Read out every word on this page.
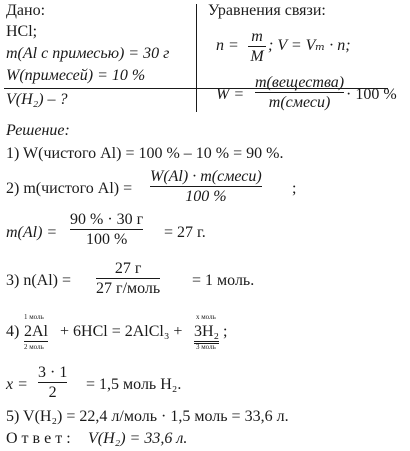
Дано:
HCl;
m(Al с примесью) = 30 г
W(примесей) = 10 %
V(H₂) – ?
Уравнения связи:
n =
m
M
; V = Vₘ · n;
W =
m(вещества)
m(смеси) · 100 %
Решение:
1) W(чистого Al) = 100 % – 10 % = 90 %.
2) m(чистого Al) =
W(Al) · m(смеси)
100 %	;
m(Al) =
90 % · 30 г
100 % = 27 г.
3) n(Al) =
27 г
27 г/моль = 1 моль.
1 моль	x моль
4) 2Al + 6HCl = 2AlCl₃ + 3H₂ ;
2 моль	3 моль
x =
3 · 1
2 = 1,5 моль H₂.
5) V(H₂) = 22,4 л/моль · 1,5 моль = 33,6 л.
О т в е т : V(H₂) = 33,6 л.
